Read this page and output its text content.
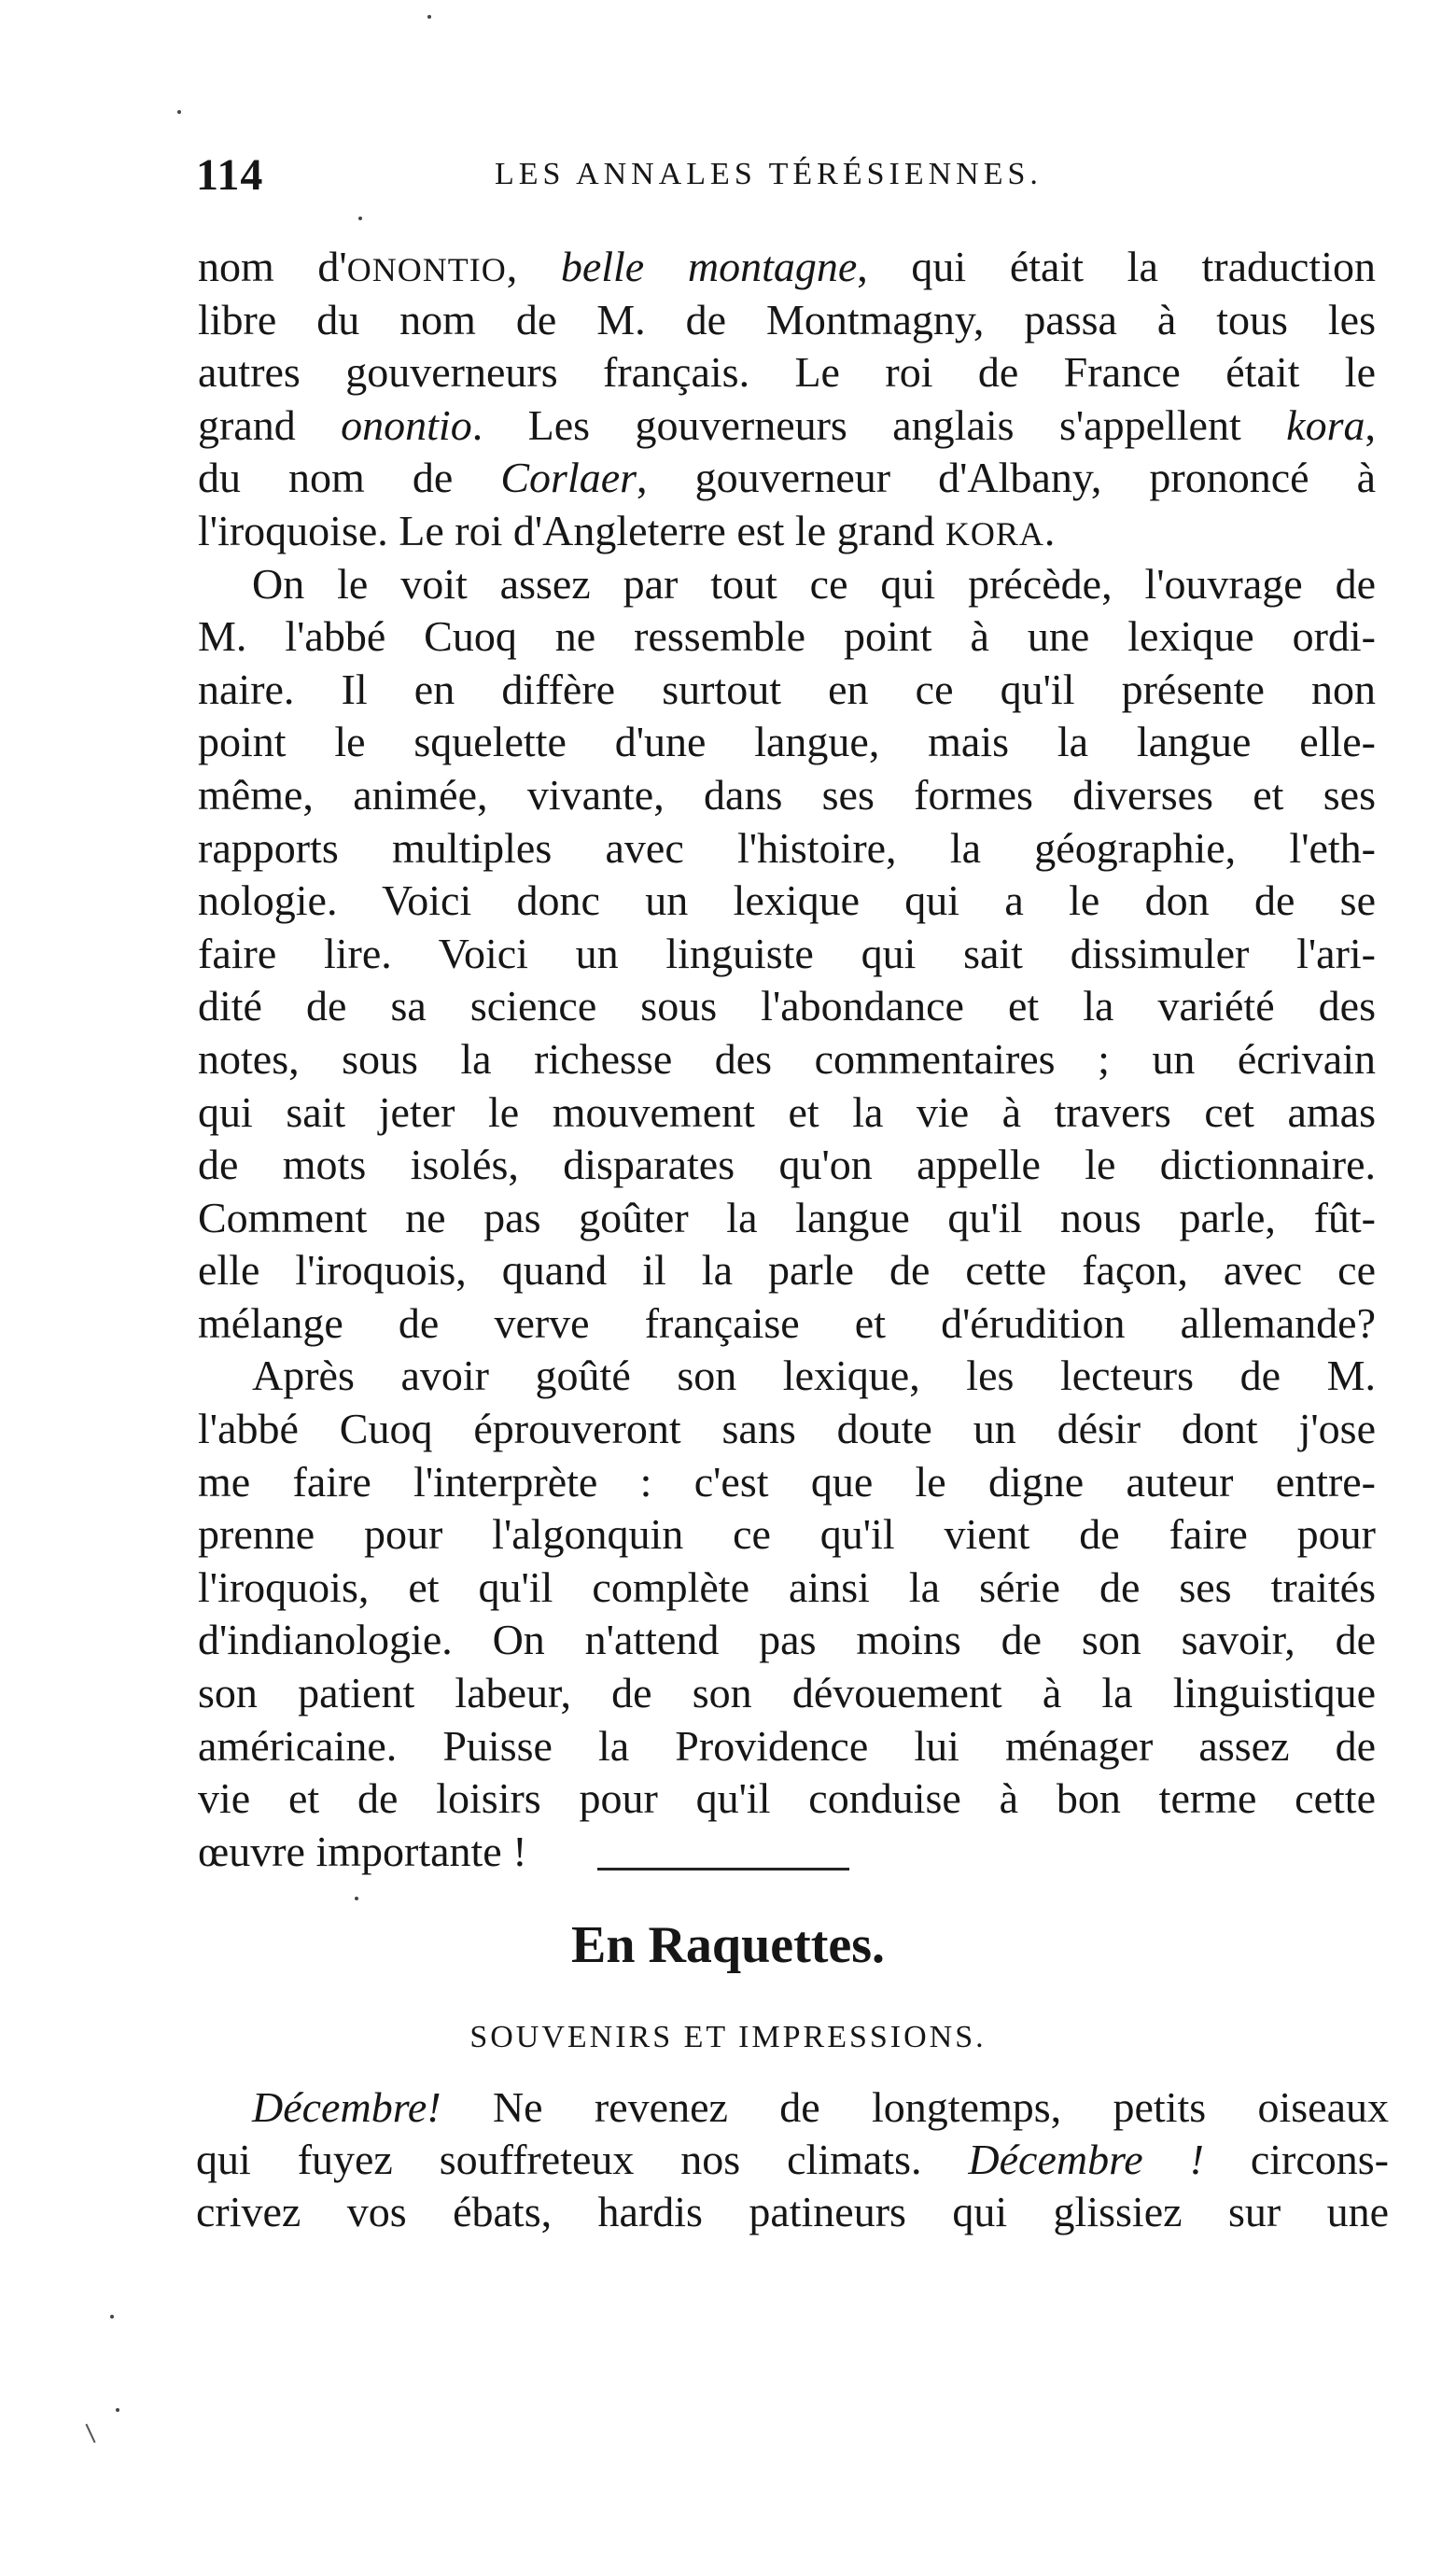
114	LES ANNALES TÉRÉSIENNES.
nom d'ONONTIO, belle montagne, qui était la traduction
libre du nom de M. de Montmagny, passa à tous les
autres gouverneurs français. Le roi de France était le
grand onontio. Les gouverneurs anglais s'appellent kora,
du nom de Corlaer, gouverneur d'Albany, prononcé à
l'iroquoise. Le roi d'Angleterre est le grand KORA.
On le voit assez par tout ce qui précède, l'ouvrage de
M. l'abbé Cuoq ne ressemble point à une lexique ordi-
naire. Il en diffère surtout en ce qu'il présente non
point le squelette d'une langue, mais la langue elle-
même, animée, vivante, dans ses formes diverses et ses
rapports multiples avec l'histoire, la géographie, l'eth-
nologie. Voici donc un lexique qui a le don de se
faire lire. Voici un linguiste qui sait dissimuler l'ari-
dité de sa science sous l'abondance et la variété des
notes, sous la richesse des commentaires ; un écrivain
qui sait jeter le mouvement et la vie à travers cet amas
de mots isolés, disparates qu'on appelle le dictionnaire.
Comment ne pas goûter la langue qu'il nous parle, fût-
elle l'iroquois, quand il la parle de cette façon, avec ce
mélange de verve française et d'érudition allemande?
Après avoir goûté son lexique, les lecteurs de M.
l'abbé Cuoq éprouveront sans doute un désir dont j'ose
me faire l'interprète : c'est que le digne auteur entre-
prenne pour l'algonquin ce qu'il vient de faire pour
l'iroquois, et qu'il complète ainsi la série de ses traités
d'indianologie. On n'attend pas moins de son savoir, de
son patient labeur, de son dévouement à la linguistique
américaine. Puisse la Providence lui ménager assez de
vie et de loisirs pour qu'il conduise à bon terme cette
œuvre importante !
En Raquettes.
SOUVENIRS ET IMPRESSIONS.
Décembre! Ne revenez de longtemps, petits oiseaux
qui fuyez souffreteux nos climats. Décembre ! circons-
crivez vos ébats, hardis patineurs qui glissiez sur une
